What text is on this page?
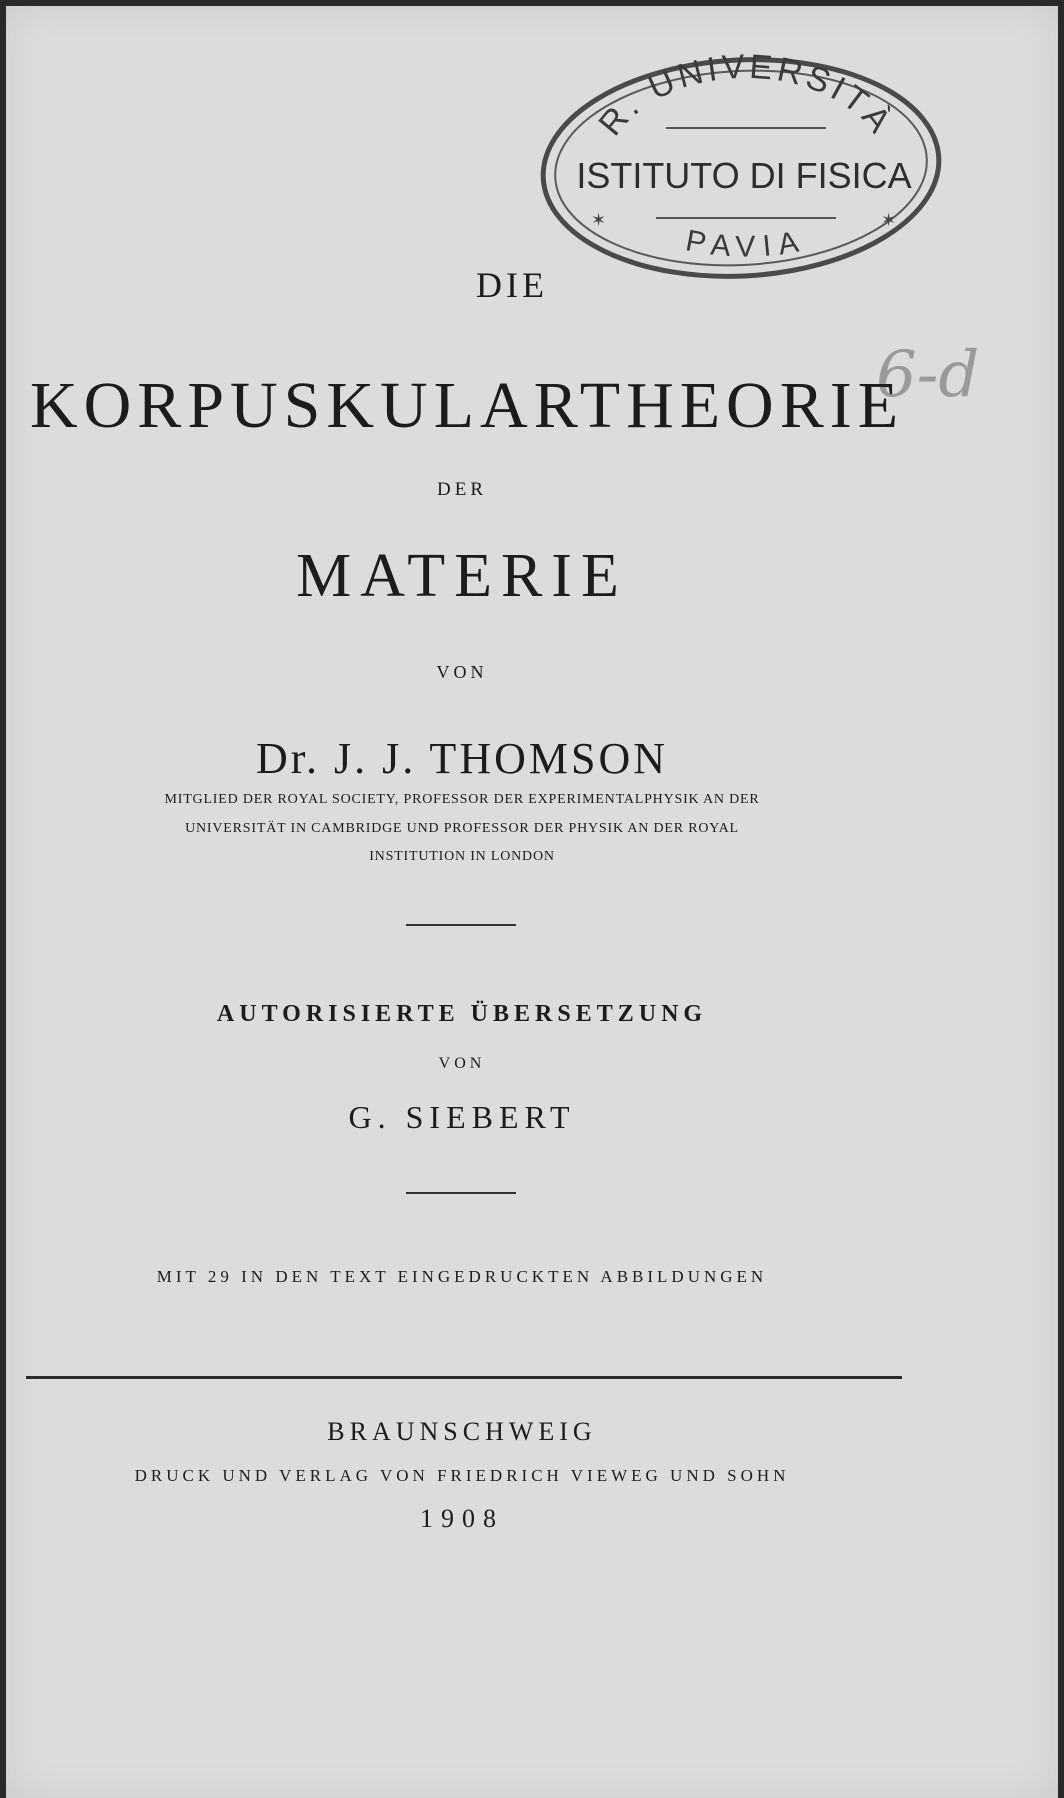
R. UNIVERSITÀ
ISTITUTO DI FISICA
✶	✶
PAVIA
6-d
DIE
KORPUSKULARTHEORIE
DER
MATERIE
VON
Dr. J. J. THOMSON
MITGLIED DER ROYAL SOCIETY, PROFESSOR DER EXPERIMENTALPHYSIK AN DER
UNIVERSITÄT IN CAMBRIDGE UND PROFESSOR DER PHYSIK AN DER ROYAL
INSTITUTION IN LONDON
AUTORISIERTE ÜBERSETZUNG
VON
G. SIEBERT
MIT 29 IN DEN TEXT EINGEDRUCKTEN ABBILDUNGEN
BRAUNSCHWEIG
DRUCK UND VERLAG VON FRIEDRICH VIEWEG UND SOHN
1908
